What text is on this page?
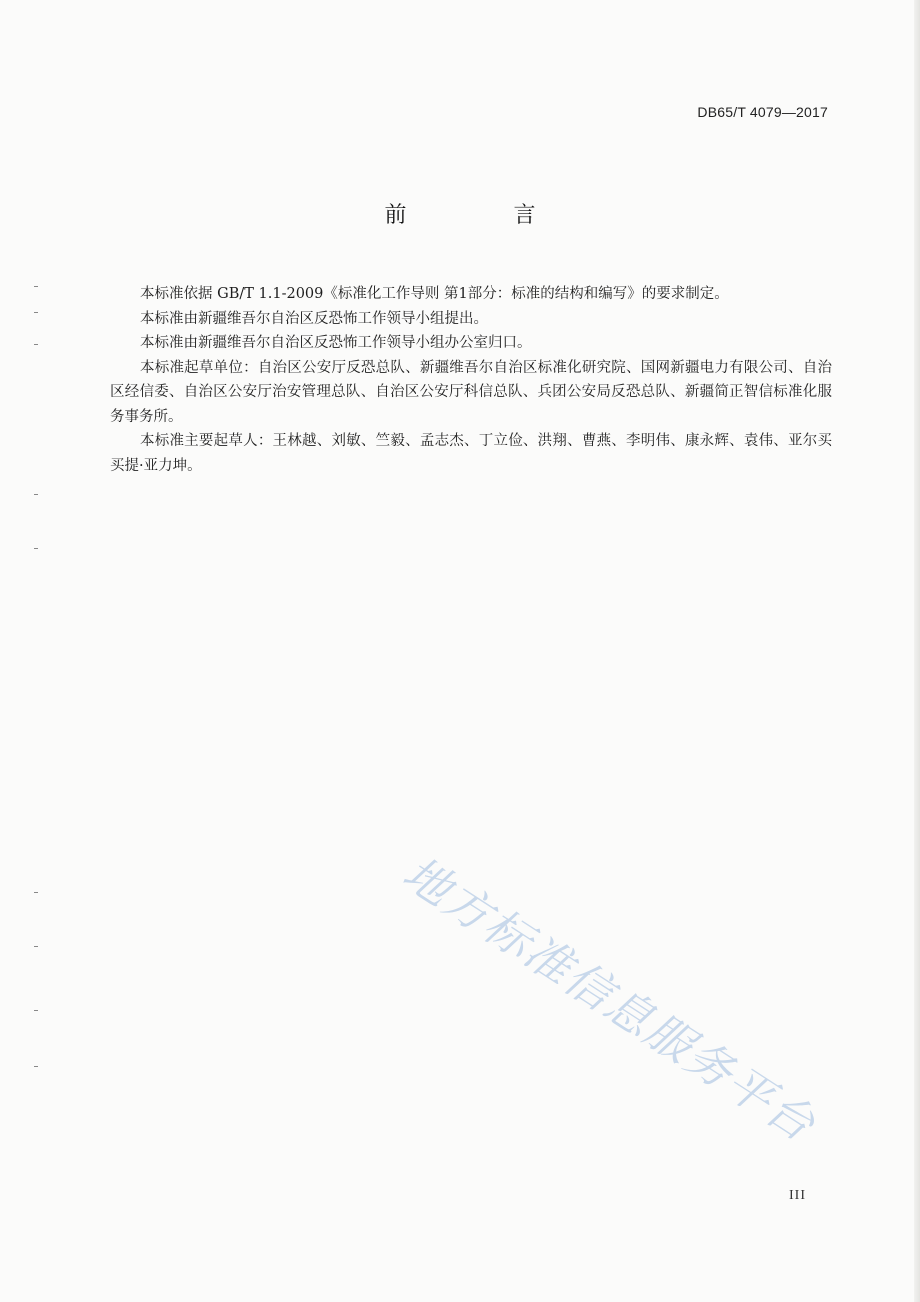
DB65/T 4079—2017
前 言

本标准依据 GB/T 1.1-2009《标准化工作导则 第1部分：标准的结构和编写》的要求制定。

本标准由新疆维吾尔自治区反恐怖工作领导小组提出。

本标准由新疆维吾尔自治区反恐怖工作领导小组办公室归口。

本标准起草单位：自治区公安厅反恐总队、新疆维吾尔自治区标准化研究院、国网新疆电力有限公司、自治区经信委、自治区公安厅治安管理总队、自治区公安厅科信总队、兵团公安局反恐总队、新疆简正智信标准化服务事务所。

本标准主要起草人：王林越、刘敏、竺毅、孟志杰、丁立俭、洪翔、曹燕、李明伟、康永辉、袁伟、亚尔买买提·亚力坤。

地方标准信息服务平台
III
